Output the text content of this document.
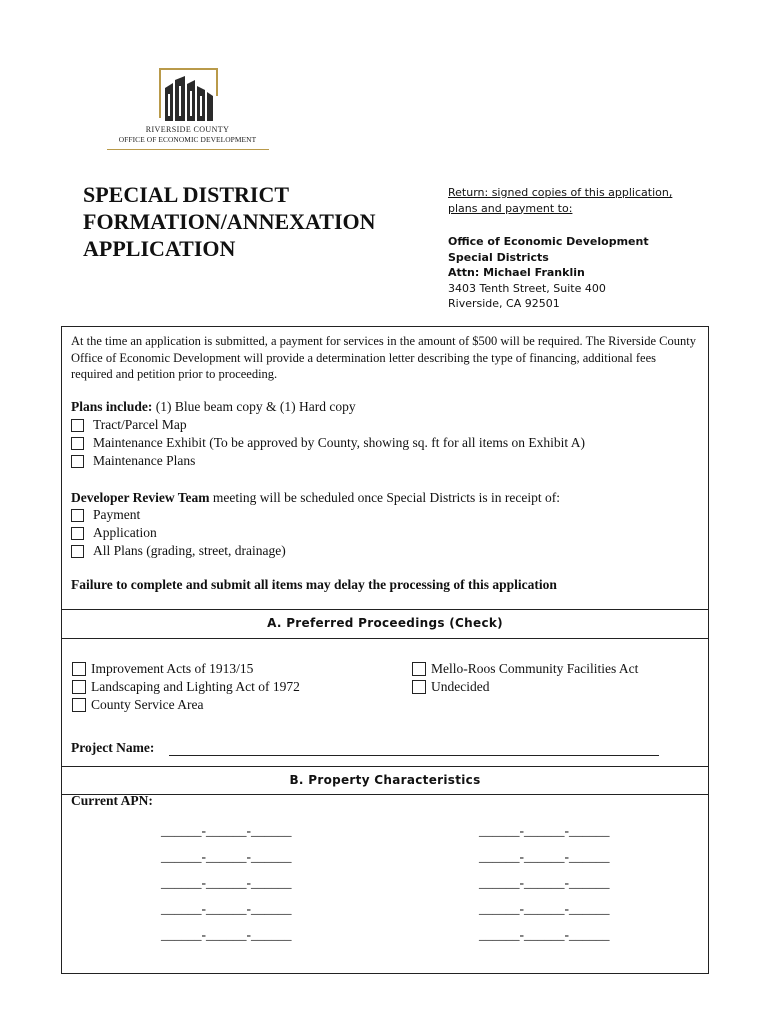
RIVERSIDE COUNTY
OFFICE OF ECONOMIC DEVELOPMENT
SPECIAL DISTRICT
FORMATION/ANNEXATION
APPLICATION
Return: signed copies of this application,
plans and payment to:
Office of Economic Development
Special Districts
Attn: Michael Franklin
3403 Tenth Street, Suite 400
Riverside, CA 92501
At the time an application is submitted, a payment for services in the amount of $500 will be required. The Riverside County Office of Economic Development will provide a determination letter describing the type of financing, additional fees required and petition prior to proceeding.
Plans include: (1) Blue beam copy & (1) Hard copy
Tract/Parcel Map
Maintenance Exhibit (To be approved by County, showing sq. ft for all items on Exhibit A)
Maintenance Plans
Developer Review Team meeting will be scheduled once Special Districts is in receipt of:
Payment
Application
All Plans (grading, street, drainage)
Failure to complete and submit all items may delay the processing of this application
A. Preferred Proceedings (Check)
Improvement Acts of 1913/15
Landscaping and Lighting Act of 1972
County Service Area
Mello-Roos Community Facilities Act
Undecided
Project Name:
B. Property Characteristics
Current APN:
______-______-______
______-______-______
______-______-______
______-______-______
______-______-______
______-______-______
______-______-______
______-______-______
______-______-______
______-______-______
